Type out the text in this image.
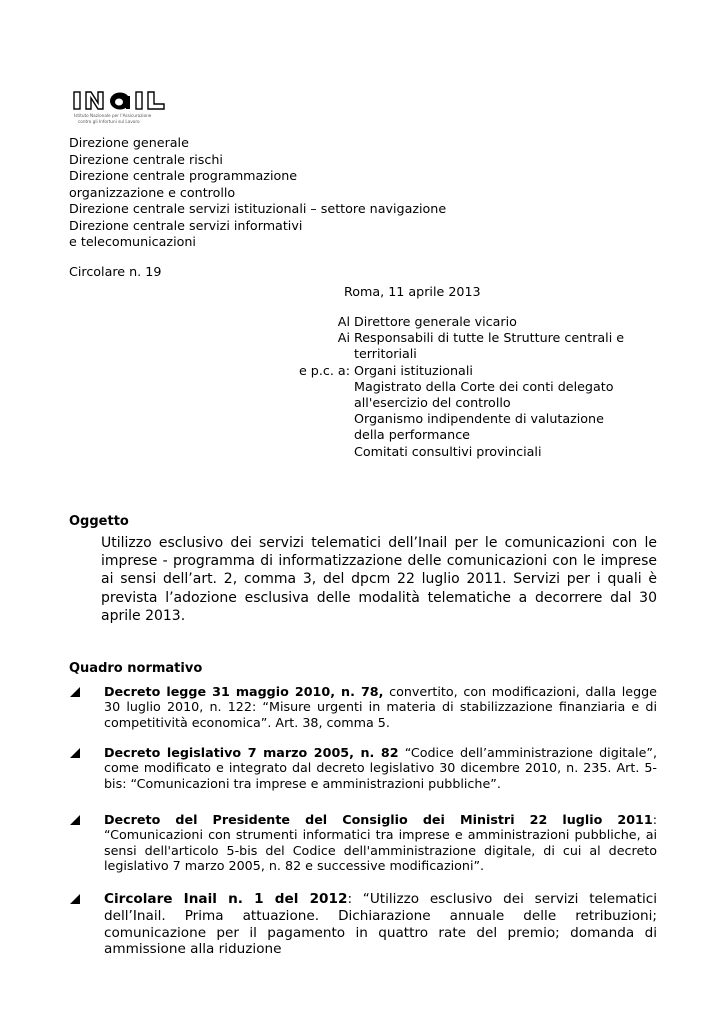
Istituto Nazionale per l'Assicurazione
contro gli Infortuni sul Lavoro
Direzione generale
Direzione centrale rischi
Direzione centrale programmazione
organizzazione e controllo
Direzione centrale servizi istituzionali – settore navigazione
Direzione centrale servizi informativi
e telecomunicazioni
Circolare n. 19
Roma, 11 aprile 2013
Al Direttore generale vicario
Ai Responsabili di tutte le Strutture centrali e
territoriali
e p.c. a: Organi istituzionali
Magistrato della Corte dei conti delegato
all'esercizio del controllo
Organismo indipendente di valutazione
della performance
Comitati consultivi provinciali
Oggetto
Utilizzo esclusivo dei servizi telematici dell’Inail per le comunicazioni con le imprese - programma di informatizzazione delle comunicazioni con le imprese ai sensi dell’art. 2, comma 3, del dpcm 22 luglio 2011. Servizi per i quali è prevista l’adozione esclusiva delle modalità telematiche a decorrere dal 30 aprile 2013.
Quadro normativo
Decreto legge 31 maggio 2010, n. 78, convertito, con modificazioni, dalla legge 30 luglio 2010, n. 122: “Misure urgenti in materia di stabilizzazione finanziaria e di competitività economica”. Art. 38, comma 5.
Decreto legislativo 7 marzo 2005, n. 82 “Codice dell’amministrazione digitale”, come modificato e integrato dal decreto legislativo 30 dicembre 2010, n. 235. Art. 5-bis: “Comunicazioni tra imprese e amministrazioni pubbliche”.
Decreto del Presidente del Consiglio dei Ministri 22 luglio 2011: “Comunicazioni con strumenti informatici tra imprese e amministrazioni pubbliche, ai sensi dell'articolo 5-bis del Codice dell'amministrazione digitale, di cui al decreto legislativo 7 marzo 2005, n. 82 e successive modificazioni”.
Circolare Inail n. 1 del 2012: “Utilizzo esclusivo dei servizi telematici dell’Inail. Prima attuazione. Dichiarazione annuale delle retribuzioni; comunicazione per il pagamento in quattro rate del premio; domanda di ammissione alla riduzione
